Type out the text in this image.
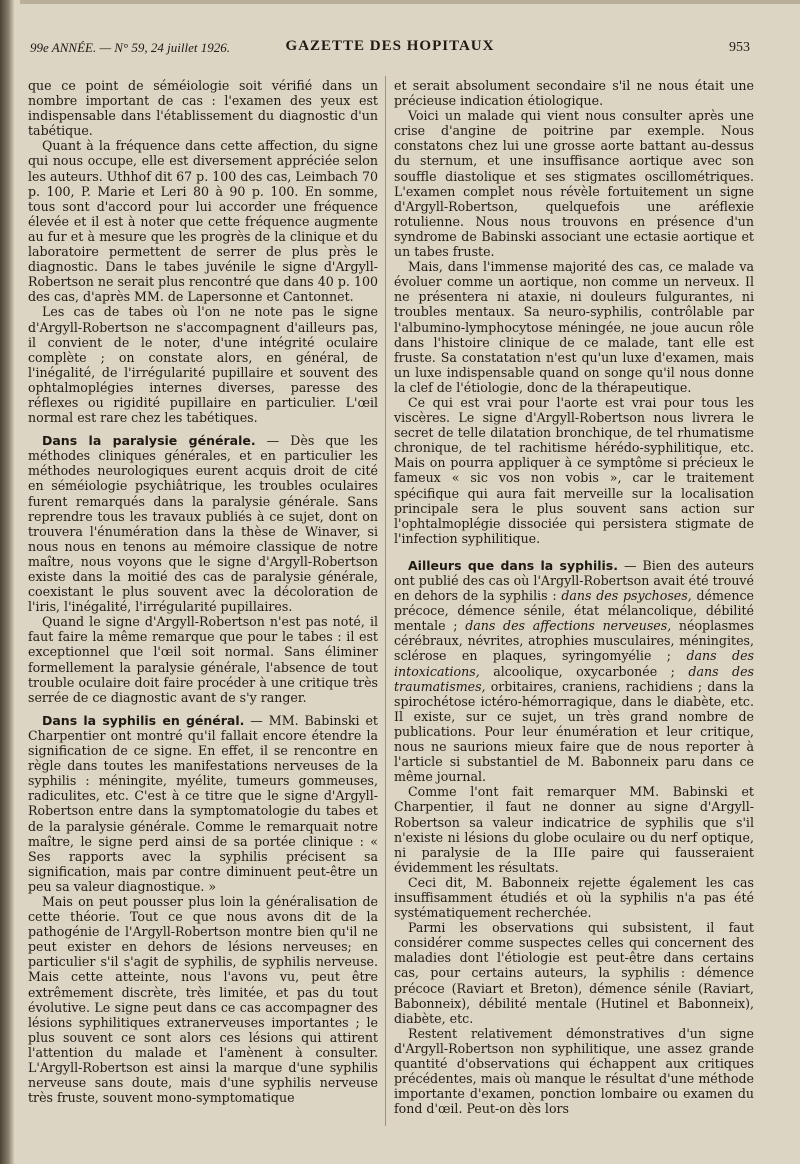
99e ANNÉE. — N° 59, 24 juillet 1926.	GAZETTE DES HOPITAUX	953

que ce point de séméiologie soit vérifié dans un nombre important de cas : l'examen des yeux est indispensable dans l'établissement du diagnostic d'un tabétique.

Quant à la fréquence dans cette affection, du signe qui nous occupe, elle est diversement appréciée selon les auteurs. Uthhof dit 67 p. 100 des cas, Leimbach 70 p. 100, P. Marie et Leri 80 à 90 p. 100. En somme, tous sont d'accord pour lui accorder une fréquence élevée et il est à noter que cette fréquence augmente au fur et à mesure que les progrès de la clinique et du laboratoire permettent de serrer de plus près le diagnostic. Dans le tabes juvénile le signe d'Argyll-Robertson ne serait plus rencontré que dans 40 p. 100 des cas, d'après MM. de Lapersonne et Cantonnet.

Les cas de tabes où l'on ne note pas le signe d'Argyll-Robertson ne s'accompagnent d'ailleurs pas, il convient de le noter, d'une intégrité oculaire complète ; on constate alors, en général, de l'inégalité, de l'irrégularité pupillaire et souvent des ophtalmoplégies internes diverses, paresse des réflexes ou rigidité pupillaire en particulier. L'œil normal est rare chez les tabétiques.

Dans la paralysie générale. — Dès que les méthodes cliniques générales, et en particulier les méthodes neurologiques eurent acquis droit de cité en séméiologie psychiâtrique, les troubles oculaires furent remarqués dans la paralysie générale. Sans reprendre tous les travaux publiés à ce sujet, dont on trouvera l'énumération dans la thèse de Winaver, si nous nous en tenons au mémoire classique de notre maître, nous voyons que le signe d'Argyll-Robertson existe dans la moitié des cas de paralysie générale, coexistant le plus souvent avec la décoloration de l'iris, l'inégalité, l'irrégularité pupillaires.

Quand le signe d'Argyll-Robertson n'est pas noté, il faut faire la même remarque que pour le tabes : il est exceptionnel que l'œil soit normal. Sans éliminer formellement la paralysie générale, l'absence de tout trouble oculaire doit faire procéder à une critique très serrée de ce diagnostic avant de s'y ranger.

Dans la syphilis en général. — MM. Babinski et Charpentier ont montré qu'il fallait encore étendre la signification de ce signe. En effet, il se rencontre en règle dans toutes les manifestations nerveuses de la syphilis : méningite, myélite, tumeurs gommeuses, radiculites, etc. C'est à ce titre que le signe d'Argyll-Robertson entre dans la symptomatologie du tabes et de la paralysie générale. Comme le remarquait notre maître, le signe perd ainsi de sa portée clinique : « Ses rapports avec la syphilis précisent sa signification, mais par contre diminuent peut-être un peu sa valeur diagnostique. »

Mais on peut pousser plus loin la généralisation de cette théorie. Tout ce que nous avons dit de la pathogénie de l'Argyll-Robertson montre bien qu'il ne peut exister en dehors de lésions nerveuses; en particulier s'il s'agit de syphilis, de syphilis nerveuse. Mais cette atteinte, nous l'avons vu, peut être extrêmement discrète, très limitée, et pas du tout évolutive. Le signe peut dans ce cas accompagner des lésions syphilitiques extranerveuses importantes ; le plus souvent ce sont alors ces lésions qui attirent l'attention du malade et l'amènent à consulter. L'Argyll-Robertson est ainsi la marque d'une syphilis nerveuse sans doute, mais d'une syphilis nerveuse très fruste, souvent mono-symptomatique

et serait absolument secondaire s'il ne nous était une précieuse indication étiologique.

Voici un malade qui vient nous consulter après une crise d'angine de poitrine par exemple. Nous constatons chez lui une grosse aorte battant au-dessus du sternum, et une insuffisance aortique avec son souffle diastolique et ses stigmates oscillométriques. L'examen complet nous révèle fortuitement un signe d'Argyll-Robertson, quelquefois une aréflexie rotulienne. Nous nous trouvons en présence d'un syndrome de Babinski associant une ectasie aortique et un tabes fruste.

Mais, dans l'immense majorité des cas, ce malade va évoluer comme un aortique, non comme un nerveux. Il ne présentera ni ataxie, ni douleurs fulgurantes, ni troubles mentaux. Sa neuro-syphilis, contrôlable par l'albumino-lymphocytose méningée, ne joue aucun rôle dans l'histoire clinique de ce malade, tant elle est fruste. Sa constatation n'est qu'un luxe d'examen, mais un luxe indispensable quand on songe qu'il nous donne la clef de l'étiologie, donc de la thérapeutique.

Ce qui est vrai pour l'aorte est vrai pour tous les viscères. Le signe d'Argyll-Robertson nous livrera le secret de telle dilatation bronchique, de tel rhumatisme chronique, de tel rachitisme hérédo-syphilitique, etc. Mais on pourra appliquer à ce symptôme si précieux le fameux « sic vos non vobis », car le traitement spécifique qui aura fait merveille sur la localisation principale sera le plus souvent sans action sur l'ophtalmoplégie dissociée qui persistera stigmate de l'infection syphilitique.

Ailleurs que dans la syphilis. — Bien des auteurs ont publié des cas où l'Argyll-Robertson avait été trouvé en dehors de la syphilis : dans des psychoses, démence précoce, démence sénile, état mélancolique, débilité mentale ; dans des affections nerveuses, néoplasmes cérébraux, névrites, atrophies musculaires, méningites, sclérose en plaques, syringomyélie ; dans des intoxications, alcoolique, oxycarbonée ; dans des traumatismes, orbitaires, craniens, rachidiens ; dans la spirochétose ictéro-hémorragique, dans le diabète, etc. Il existe, sur ce sujet, un très grand nombre de publications. Pour leur énumération et leur critique, nous ne saurions mieux faire que de nous reporter à l'article si substantiel de M. Babonneix paru dans ce même journal.

Comme l'ont fait remarquer MM. Babinski et Charpentier, il faut ne donner au signe d'Argyll-Robertson sa valeur indicatrice de syphilis que s'il n'existe ni lésions du globe oculaire ou du nerf optique, ni paralysie de la IIIe paire qui fausseraient évidemment les résultats.

Ceci dit, M. Babonneix rejette également les cas insuffisamment étudiés et où la syphilis n'a pas été systématiquement recherchée.

Parmi les observations qui subsistent, il faut considérer comme suspectes celles qui concernent des maladies dont l'étiologie est peut-être dans certains cas, pour certains auteurs, la syphilis : démence précoce (Raviart et Breton), démence sénile (Raviart, Babonneix), débilité mentale (Hutinel et Babonneix), diabète, etc.

Restent relativement démonstratives d'un signe d'Argyll-Robertson non syphilitique, une assez grande quantité d'observations qui échappent aux critiques précédentes, mais où manque le résultat d'une méthode importante d'examen, ponction lombaire ou examen du fond d'œil. Peut-on dès lors
